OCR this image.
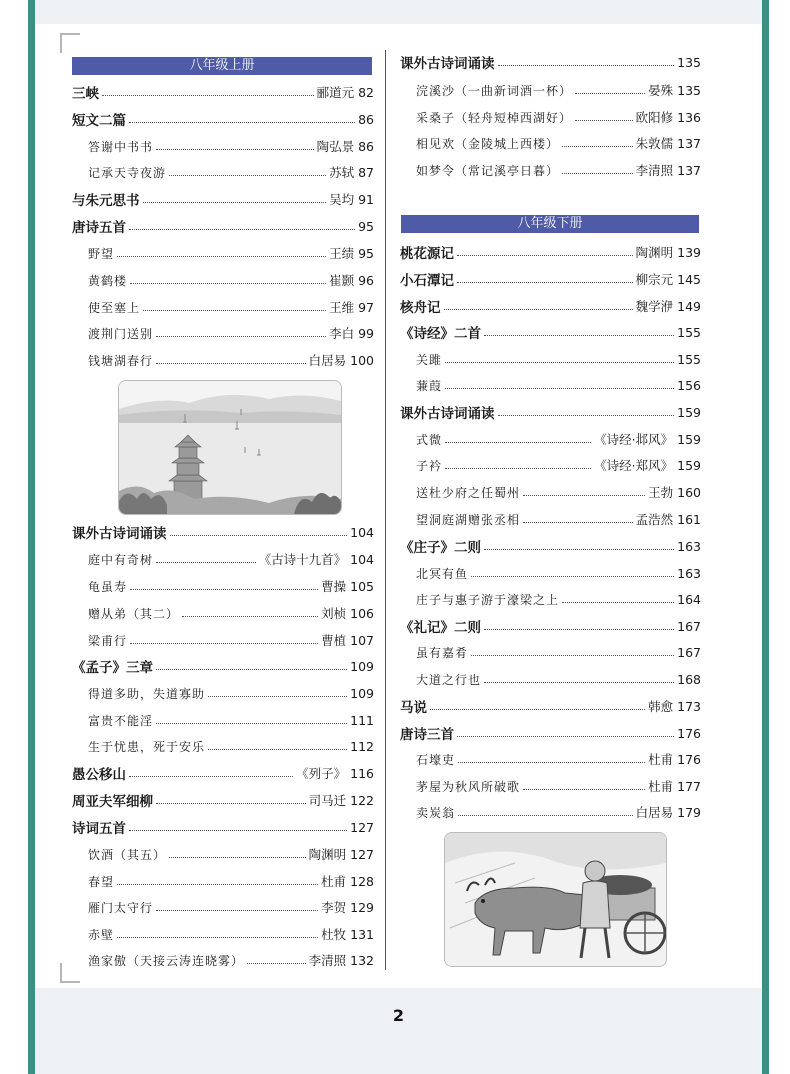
八年级上册
三峡	郦道元 82
短文二篇	86
答谢中书书	陶弘景 86
记承天寺夜游	苏轼 87
与朱元思书	吴均 91
唐诗五首	95
野望	王绩 95
黄鹤楼	崔颢 96
使至塞上	王维 97
渡荆门送别	李白 99
钱塘湖春行	白居易 100
课外古诗词诵读	104
庭中有奇树	《古诗十九首》 104
龟虽寿	曹操 105
赠从弟（其二）	刘桢 106
梁甫行	曹植 107
《孟子》三章	109
得道多助，失道寡助	109
富贵不能淫	111
生于忧患，死于安乐	112
愚公移山	《列子》 116
周亚夫军细柳	司马迁 122
诗词五首	127
饮酒（其五）	陶渊明 127
春望	杜甫 128
雁门太守行	李贺 129
赤壁	杜牧 131
渔家傲（天接云涛连晓雾）	李清照 132
课外古诗词诵读	135
浣溪沙（一曲新词酒一杯）	晏殊 135
采桑子（轻舟短棹西湖好）	欧阳修 136
相见欢（金陵城上西楼）	朱敦儒 137
如梦令（常记溪亭日暮）	李清照 137
八年级下册
桃花源记	陶渊明 139
小石潭记	柳宗元 145
核舟记	魏学洢 149
《诗经》二首	155
关雎	155
蒹葭	156
课外古诗词诵读	159
式微	《诗经·邶风》 159
子衿	《诗经·郑风》 159
送杜少府之任蜀州	王勃 160
望洞庭湖赠张丞相	孟浩然 161
《庄子》二则	163
北冥有鱼	163
庄子与惠子游于濠梁之上	164
《礼记》二则	167
虽有嘉肴	167
大道之行也	168
马说	韩愈 173
唐诗三首	176
石壕吏	杜甫 176
茅屋为秋风所破歌	杜甫 177
卖炭翁	白居易 179
2
